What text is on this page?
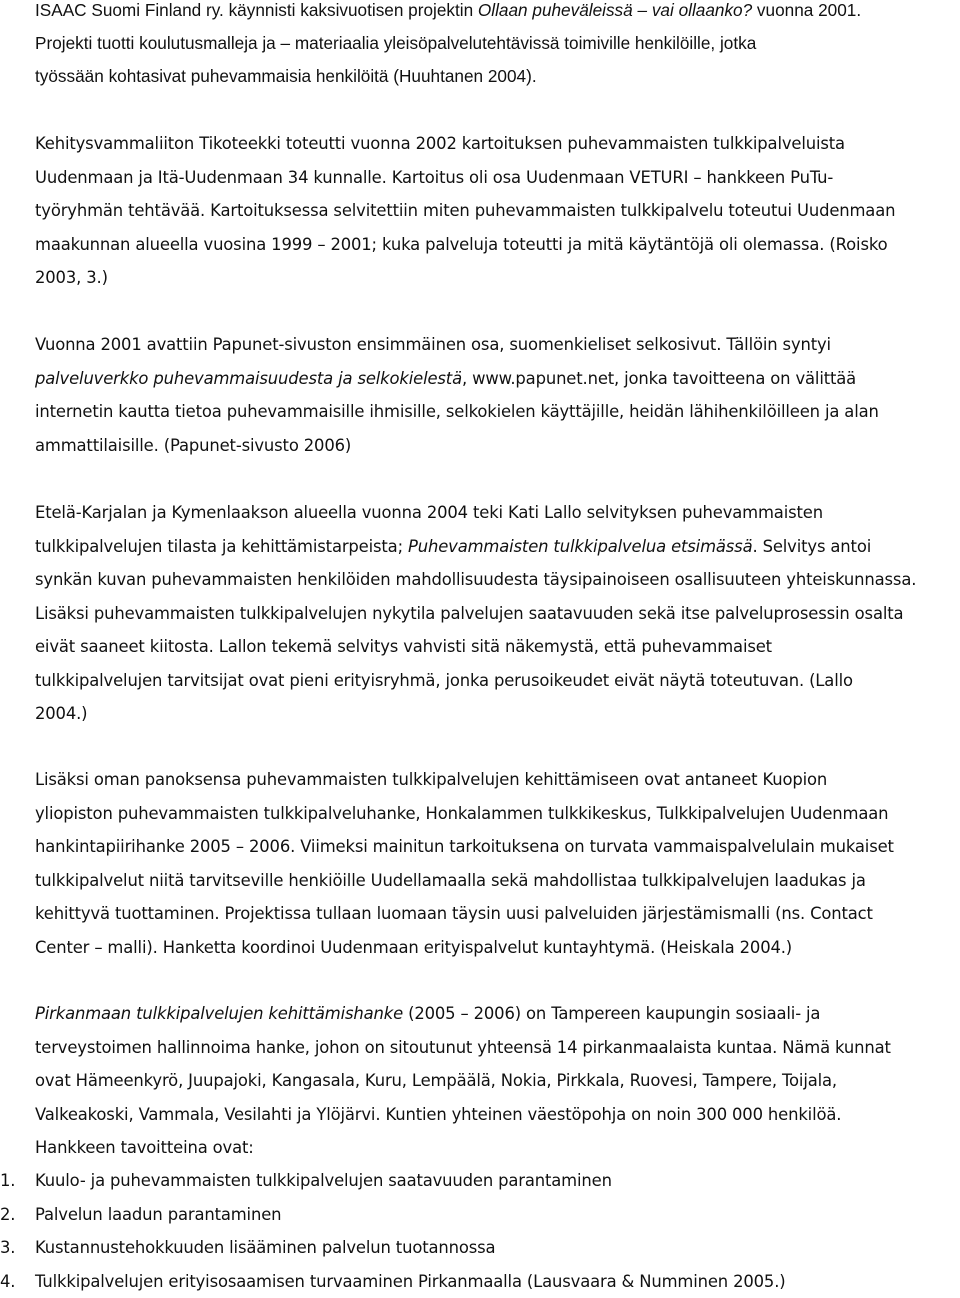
ISAAC Suomi Finland ry. käynnisti kaksivuotisen projektin Ollaan puheväleissä – vai ollaanko? vuonna 2001.
Projekti tuotti koulutusmalleja ja – materiaalia yleisöpalvelutehtävissä toimiville henkilöille, jotka
työssään kohtasivat puhevammaisia henkilöitä (Huuhtanen 2004).

Kehitysvammaliiton Tikoteekki toteutti vuonna 2002 kartoituksen puhevammaisten tulkkipalveluista
Uudenmaan ja Itä-Uudenmaan 34 kunnalle. Kartoitus oli osa Uudenmaan VETURI – hankkeen PuTu-
työryhmän tehtävää. Kartoituksessa selvitettiin miten puhevammaisten tulkkipalvelu toteutui Uudenmaan
maakunnan alueella vuosina 1999 – 2001; kuka palveluja toteutti ja mitä käytäntöjä oli olemassa. (Roisko
2003, 3.)

Vuonna 2001 avattiin Papunet-sivuston ensimmäinen osa, suomenkieliset selkosivut. Tällöin syntyi
palveluverkko puhevammaisuudesta ja selkokielestä, www.papunet.net, jonka tavoitteena on välittää
internetin kautta tietoa puhevammaisille ihmisille, selkokielen käyttäjille, heidän lähihenkilöilleen ja alan
ammattilaisille. (Papunet-sivusto 2006)

Etelä-Karjalan ja Kymenlaakson alueella vuonna 2004 teki Kati Lallo selvityksen puhevammaisten
tulkkipalvelujen tilasta ja kehittämistarpeista; Puhevammaisten tulkkipalvelua etsimässä. Selvitys antoi
synkän kuvan puhevammaisten henkilöiden mahdollisuudesta täysipainoiseen osallisuuteen yhteiskunnassa.
Lisäksi puhevammaisten tulkkipalvelujen nykytila palvelujen saatavuuden sekä itse palveluprosessin osalta
eivät saaneet kiitosta. Lallon tekemä selvitys vahvisti sitä näkemystä, että puhevammaiset
tulkkipalvelujen tarvitsijat ovat pieni erityisryhmä, jonka perusoikeudet eivät näytä toteutuvan. (Lallo
2004.)

Lisäksi oman panoksensa puhevammaisten tulkkipalvelujen kehittämiseen ovat antaneet Kuopion
yliopiston puhevammaisten tulkkipalveluhanke, Honkalammen tulkkikeskus, Tulkkipalvelujen Uudenmaan
hankintapiirihanke 2005 – 2006. Viimeksi mainitun tarkoituksena on turvata vammaispalvelulain mukaiset
tulkkipalvelut niitä tarvitseville henkiöille Uudellamaalla sekä mahdollistaa tulkkipalvelujen laadukas ja
kehittyvä tuottaminen. Projektissa tullaan luomaan täysin uusi palveluiden järjestämismalli (ns. Contact
Center – malli). Hanketta koordinoi Uudenmaan erityispalvelut kuntayhtymä. (Heiskala 2004.)

Pirkanmaan tulkkipalvelujen kehittämishanke (2005 – 2006) on Tampereen kaupungin sosiaali- ja
terveystoimen hallinnoima hanke, johon on sitoutunut yhteensä 14 pirkanmaalaista kuntaa. Nämä kunnat
ovat Hämeenkyrö, Juupajoki, Kangasala, Kuru, Lempäälä, Nokia, Pirkkala, Ruovesi, Tampere, Toijala,
Valkeakoski, Vammala, Vesilahti ja Ylöjärvi. Kuntien yhteinen väestöpohja on noin 300 000 henkilöä.
Hankkeen tavoitteina ovat:

1. Kuulo- ja puhevammaisten tulkkipalvelujen saatavuuden parantaminen
2. Palvelun laadun parantaminen
3. Kustannustehokkuuden lisääminen palvelun tuotannossa
4. Tulkkipalvelujen erityisosaamisen turvaaminen Pirkanmaalla (Lausvaara & Numminen 2005.)
